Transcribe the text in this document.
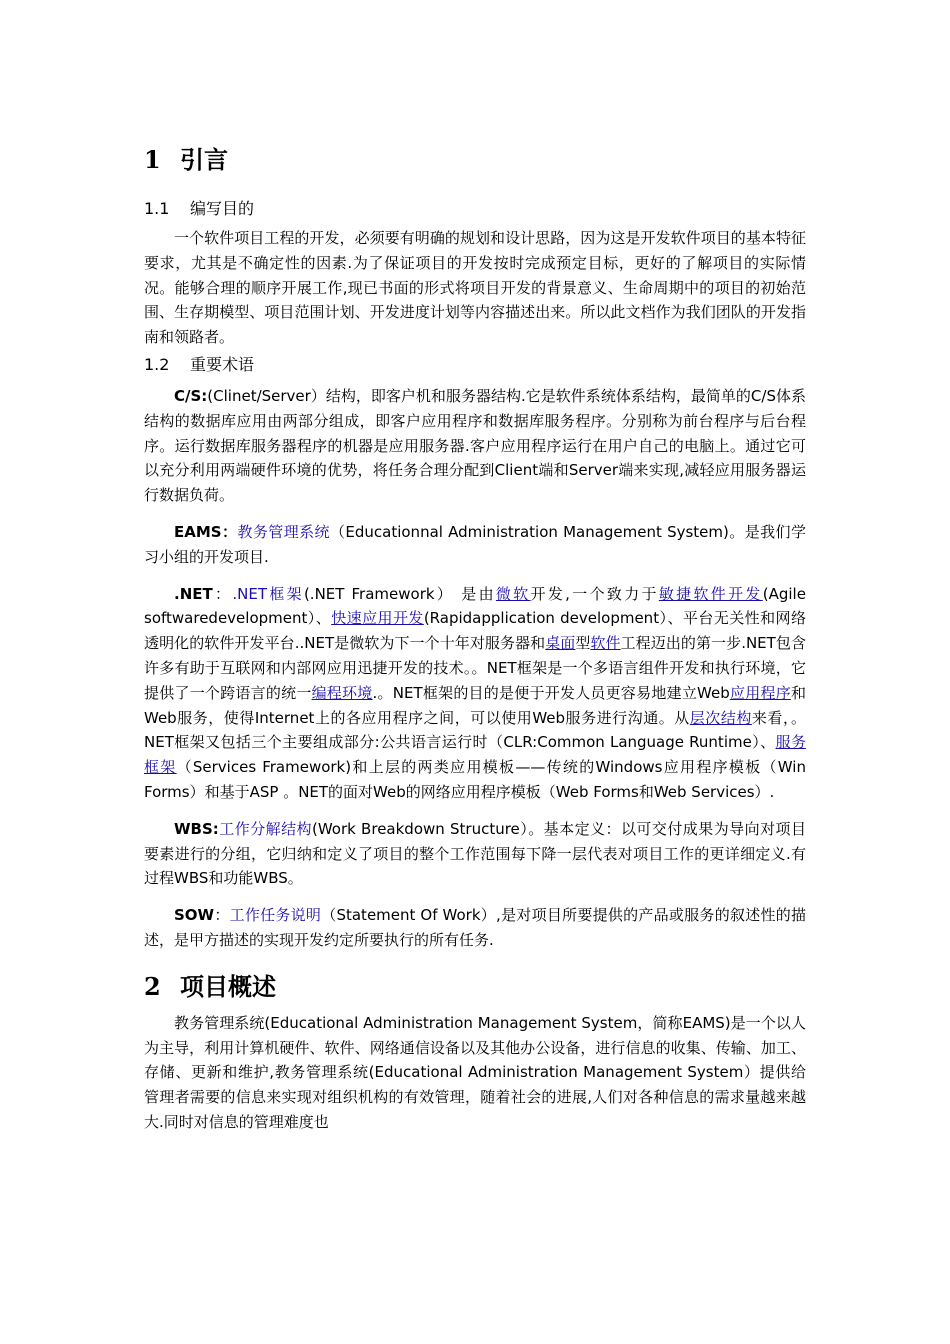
1 引言
1.1 编写目的

一个软件项目工程的开发，必须要有明确的规划和设计思路，因为这是开发软件项目的基本特征要求，尤其是不确定性的因素.为了保证项目的开发按时完成预定目标，更好的了解项目的实际情况。能够合理的顺序开展工作,现已书面的形式将项目开发的背景意义、生命周期中的项目的初始范围、生存期模型、项目范围计划、开发进度计划等内容描述出来。所以此文档作为我们团队的开发指南和领路者。

1.2 重要术语

C/S:(Clinet/Server）结构，即客户机和服务器结构.它是软件系统体系结构，最简单的C/S体系结构的数据库应用由两部分组成，即客户应用程序和数据库服务程序。分别称为前台程序与后台程序。运行数据库服务器程序的机器是应用服务器.客户应用程序运行在用户自己的电脑上。通过它可以充分利用两端硬件环境的优势，将任务合理分配到Client端和Server端来实现,减轻应用服务器运行数据负荷。

EAMS：教务管理系统（Educationnal Administration Management System)。是我们学习小组的开发项目.

.NET：.NET框架(.NET Framework） 是由微软开发,一个致力于敏捷软件开发(Agile softwaredevelopment）、快速应用开发(Rapidapplication development）、平台无关性和网络透明化的软件开发平台..NET是微软为下一个十年对服务器和桌面型软件工程迈出的第一步.NET包含许多有助于互联网和内部网应用迅捷开发的技术。。NET框架是一个多语言组件开发和执行环境，它提供了一个跨语言的统一编程环境.。NET框架的目的是便于开发人员更容易地建立Web应用程序和Web服务，使得Internet上的各应用程序之间，可以使用Web服务进行沟通。从层次结构来看，。NET框架又包括三个主要组成部分:公共语言运行时（CLR:Common Language Runtime）、服务框架（Services Framework)和上层的两类应用模板——传统的Windows应用程序模板（Win Forms）和基于ASP 。NET的面对Web的网络应用程序模板（Web Forms和Web Services）.

WBS:工作分解结构(Work Breakdown Structure）。基本定义：以可交付成果为导向对项目要素进行的分组，它归纳和定义了项目的整个工作范围每下降一层代表对项目工作的更详细定义.有过程WBS和功能WBS。

SOW：工作任务说明（Statement Of Work）,是对项目所要提供的产品或服务的叙述性的描述，是甲方描述的实现开发约定所要执行的所有任务.

2 项目概述

教务管理系统(Educational Administration Management System，简称EAMS)是一个以人为主导，利用计算机硬件、软件、网络通信设备以及其他办公设备，进行信息的收集、传输、加工、存储、更新和维护,教务管理系统(Educational Administration Management System）提供给管理者需要的信息来实现对组织机构的有效管理，随着社会的进展,人们对各种信息的需求量越来越大.同时对信息的管理难度也
